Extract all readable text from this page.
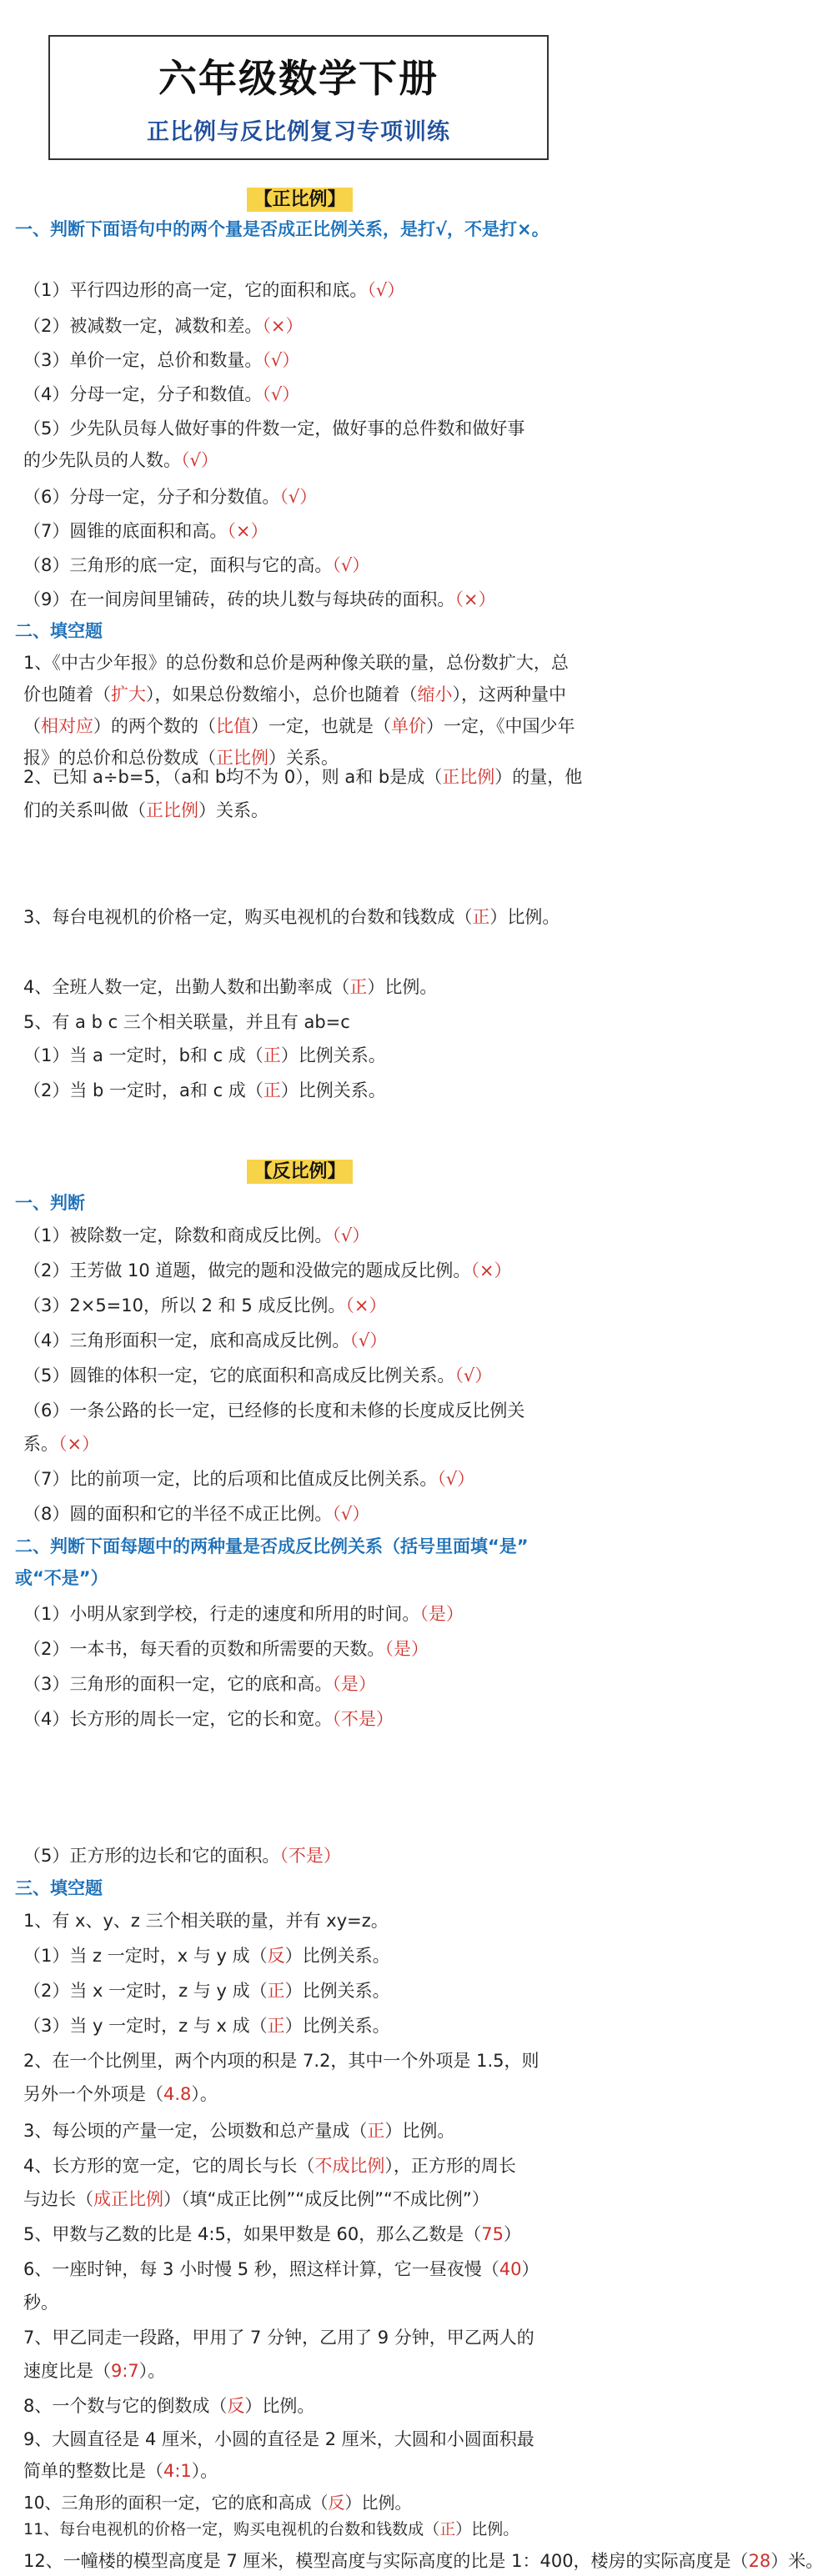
六年级数学下册
正比例与反比例复习专项训练
【正比例】
一、判断下面语句中的两个量是否成正比例关系，是打√，不是打×。
（1）平行四边形的高一定，它的面积和底。（√）
（2）被减数一定，减数和差。（×）
（3）单价一定，总价和数量。（√）
（4）分母一定，分子和数值。（√）
（5）少先队员每人做好事的件数一定，做好事的总件数和做好事
的少先队员的人数。（√）
（6）分母一定，分子和分数值。（√）
（7）圆锥的底面积和高。（×）
（8）三角形的底一定，面积与它的高。（√）
（9）在一间房间里铺砖，砖的块儿数与每块砖的面积。（×）
二、填空题
1、《中古少年报》的总份数和总价是两种像关联的量，总份数扩大，总价也随着（扩大），如果总份数缩小，总价也随着（缩小），这两种量中（相对应）的两个数的（比值）一定，也就是（单价）一定，《中国少年报》的总价和总份数成（正比例）关系。
2、已知 a÷b=5，（a和 b均不为 0），则 a和 b是成（正比例）的量，他们的关系叫做（正比例）关系。
3、每台电视机的价格一定，购买电视机的台数和钱数成（正）比例。
4、全班人数一定，出勤人数和出勤率成（正）比例。
5、有 a b c 三个相关联量，并且有 ab=c
（1）当 a 一定时，b和 c 成（正）比例关系。
（2）当 b 一定时，a和 c 成（正）比例关系。
【反比例】
一、判断
（1）被除数一定，除数和商成反比例。（√）
（2）王芳做 10 道题，做完的题和没做完的题成反比例。（×）
（3）2×5=10，所以 2 和 5 成反比例。（×）
（4）三角形面积一定，底和高成反比例。（√）
（5）圆锥的体积一定，它的底面积和高成反比例关系。（√）
（6）一条公路的长一定，已经修的长度和未修的长度成反比例关
系。（×）
（7）比的前项一定，比的后项和比值成反比例关系。（√）
（8）圆的面积和它的半径不成正比例。（√）
二、判断下面每题中的两种量是否成反比例关系（括号里面填“是”
或“不是”）
（1）小明从家到学校，行走的速度和所用的时间。（是）
（2）一本书，每天看的页数和所需要的天数。（是）
（3）三角形的面积一定，它的底和高。（是）
（4）长方形的周长一定，它的长和宽。（不是）
（5）正方形的边长和它的面积。（不是）
三、填空题
1、有 x、y、z 三个相关联的量，并有 xy=z。
（1）当 z 一定时，x 与 y 成（反）比例关系。
（2）当 x 一定时，z 与 y 成（正）比例关系。
（3）当 y 一定时，z 与 x 成（正）比例关系。
2、在一个比例里，两个内项的积是 7.2，其中一个外项是 1.5，则
另外一个外项是（4.8）。
3、每公顷的产量一定，公顷数和总产量成（正）比例。
4、长方形的宽一定，它的周长与长（不成比例），正方形的周长
与边长（成正比例）（填“成正比例”“成反比例”“不成比例”）
5、甲数与乙数的比是 4:5，如果甲数是 60，那么乙数是（75）
6、一座时钟，每 3 小时慢 5 秒，照这样计算，它一昼夜慢（40）
秒。
7、甲乙同走一段路，甲用了 7 分钟，乙用了 9 分钟，甲乙两人的
速度比是（9:7）。
8、一个数与它的倒数成（反）比例。
9、大圆直径是 4 厘米，小圆的直径是 2 厘米，大圆和小圆面积最
简单的整数比是（4:1）。
10、三角形的面积一定，它的底和高成（反）比例。
11、每台电视机的价格一定，购买电视机的台数和钱数成（正）比例。
12、一幢楼的模型高度是 7 厘米，模型高度与实际高度的比是 1：400，楼房的实际高度是（28）米。
